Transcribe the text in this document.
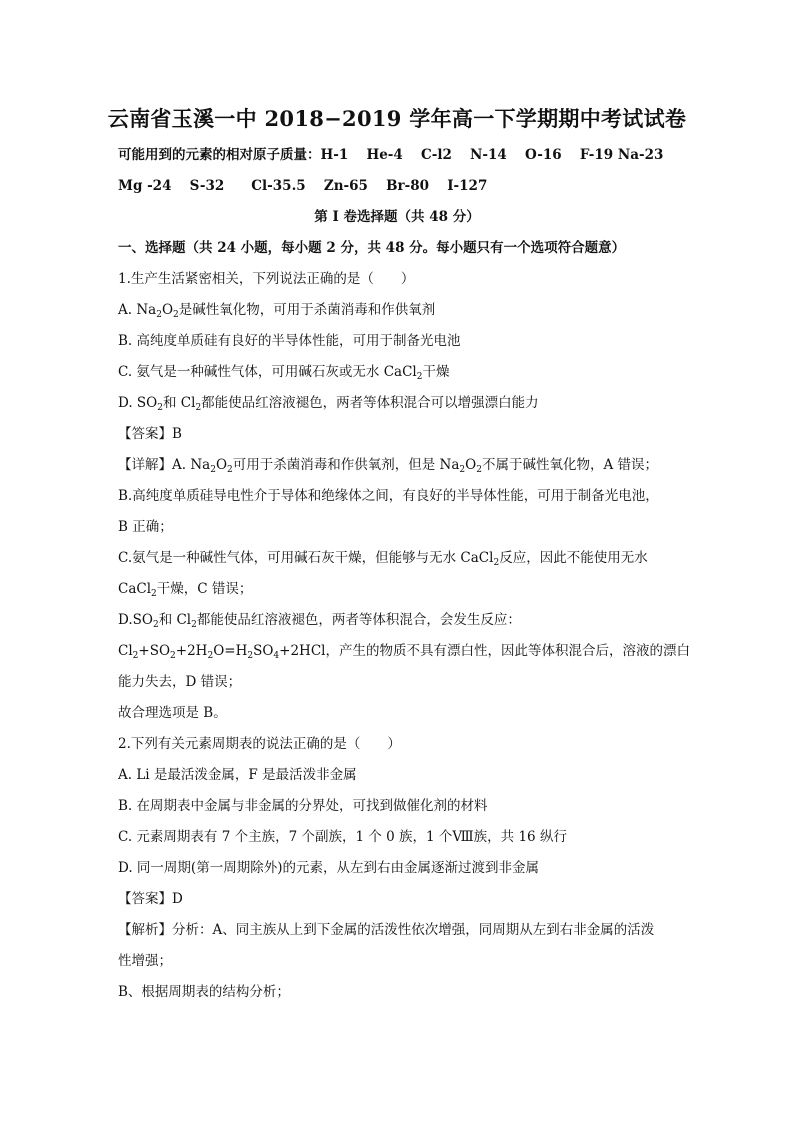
云南省玉溪一中 2018−2019 学年高一下学期期中考试试卷
可能用到的元素的相对原子质量：H-1　 He-4　 C-l2　 N-14　 O-16　 F-19 Na-23
Mg -24　 S-32　　Cl-35.5　 Zn-65　 Br-80　 I-127
第 I 卷选择题（共 48 分）
一、选择题（共 24 小题，每小题 2 分，共 48 分。每小题只有一个选项符合题意）
1.生产生活紧密相关，下列说法正确的是（　　）
A. $Na_2O_2$是碱性氧化物，可用于杀菌消毒和作供氧剂
B. 高纯度单质硅有良好的半导体性能，可用于制备光电池
C. 氨气是一种碱性气体，可用碱石灰或无水 CaCl$_2$干燥
D. $SO_2$和 $Cl_2$都能使品红溶液褪色，两者等体积混合可以增强漂白能力
【答案】B
【详解】A. $Na_2O_2$可用于杀菌消毒和作供氧剂，但是 $Na_2O_2$不属于碱性氧化物，A 错误；
B.高纯度单质硅导电性介于导体和绝缘体之间，有良好的半导体性能，可用于制备光电池，
B 正确；
C.氨气是一种碱性气体，可用碱石灰干燥，但能够与无水 CaCl$_2$反应，因此不能使用无水
CaCl$_2$干燥，C 错误；
$D.SO_2$和 $Cl_2$都能使品红溶液褪色，两者等体积混合，会发生反应：
$Cl_2+SO_2+2H_2O=H_2SO_4+2HCl$，产生的物质不具有漂白性，因此等体积混合后，溶液的漂白
能力失去，D 错误；
故合理选项是 B。
2.下列有关元素周期表的说法正确的是（　　）
A. Li 是最活泼金属，F 是最活泼非金属
B. 在周期表中金属与非金属的分界处，可找到做催化剂的材料
C. 元素周期表有 7 个主族，7 个副族，1 个 0 族，1 个Ⅷ族，共 16 纵行
D. 同一周期(第一周期除外)的元素，从左到右由金属逐渐过渡到非金属
【答案】D
【解析】分析：A、同主族从上到下金属的活泼性依次增强，同周期从左到右非金属的活泼
性增强；
B、根据周期表的结构分析；
